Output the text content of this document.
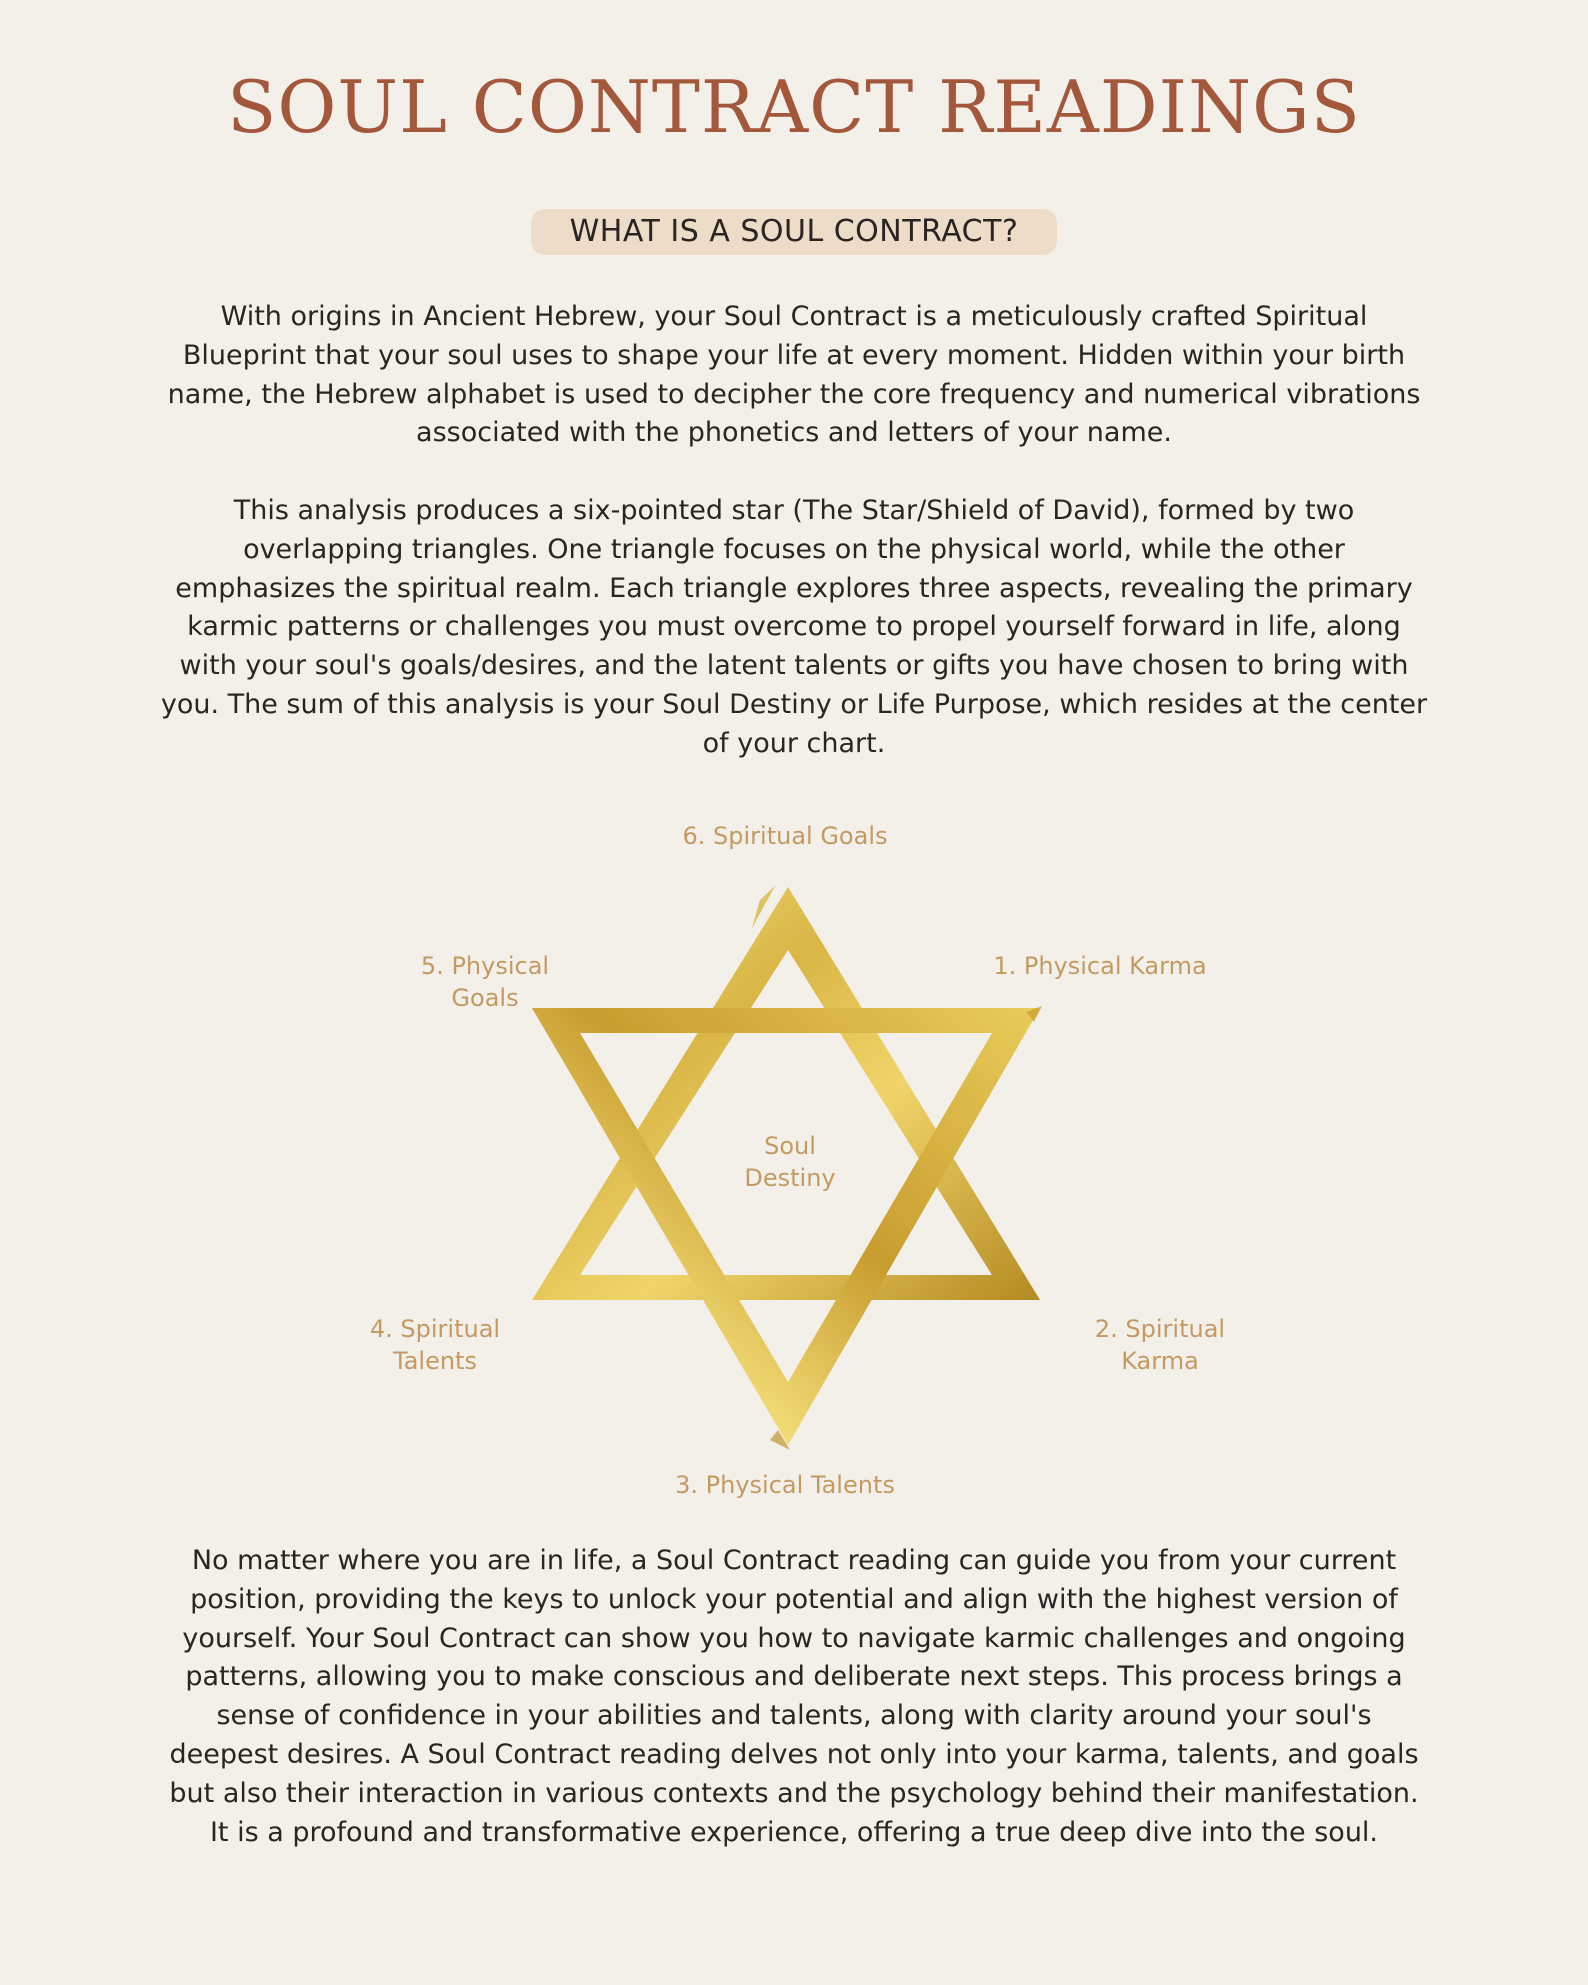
SOUL CONTRACT READINGS
WHAT IS A SOUL CONTRACT?

With origins in Ancient Hebrew, your Soul Contract is a meticulously crafted Spiritual Blueprint that your soul uses to shape your life at every moment. Hidden within your birth name, the Hebrew alphabet is used to decipher the core frequency and numerical vibrations associated with the phonetics and letters of your name.

This analysis produces a six-pointed star (The Star/Shield of David), formed by two overlapping triangles. One triangle focuses on the physical world, while the other emphasizes the spiritual realm. Each triangle explores three aspects, revealing the primary karmic patterns or challenges you must overcome to propel yourself forward in life, along with your soul's goals/desires, and the latent talents or gifts you have chosen to bring with you. The sum of this analysis is your Soul Destiny or Life Purpose, which resides at the center of your chart.

6. Spiritual Goals
1. Physical Karma
5. Physical
Goals
Soul
Destiny
4. Spiritual
Talents
2. Spiritual
Karma
3. Physical Talents

No matter where you are in life, a Soul Contract reading can guide you from your current position, providing the keys to unlock your potential and align with the highest version of yourself. Your Soul Contract can show you how to navigate karmic challenges and ongoing patterns, allowing you to make conscious and deliberate next steps. This process brings a sense of confidence in your abilities and talents, along with clarity around your soul's deepest desires. A Soul Contract reading delves not only into your karma, talents, and goals but also their interaction in various contexts and the psychology behind their manifestation. It is a profound and transformative experience, offering a true deep dive into the soul.
